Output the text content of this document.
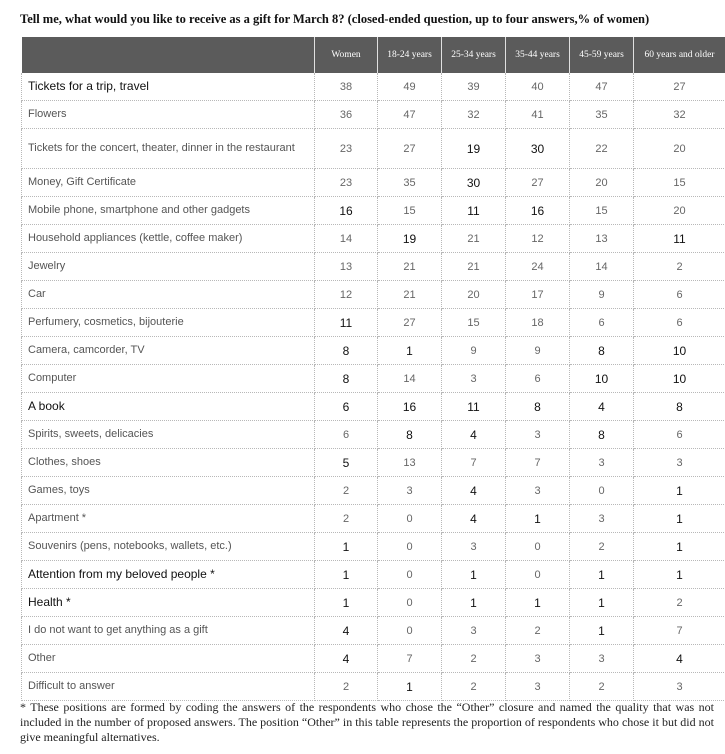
Tell me, what would you like to receive as a gift for March 8? (closed-ended question, up to four answers,% of women)
	Women	18-24 years	25-34 years	35-44 years	45-59 years	60 years and older
Tickets for a trip, travel	38	49	39	40	47	27
Flowers	36	47	32	41	35	32
Tickets for the concert, theater, dinner in the restaurant	23	27	19	30	22	20
Money, Gift Certificate	23	35	30	27	20	15
Mobile phone, smartphone and other gadgets	16	15	11	16	15	20
Household appliances (kettle, coffee maker)	14	19	21	12	13	11
Jewelry	13	21	21	24	14	2
Car	12	21	20	17	9	6
Perfumery, cosmetics, bijouterie	11	27	15	18	6	6
Camera, camcorder, TV	8	1	9	9	8	10
Computer	8	14	3	6	10	10
A book	6	16	11	8	4	8
Spirits, sweets, delicacies	6	8	4	3	8	6
Clothes, shoes	5	13	7	7	3	3
Games, toys	2	3	4	3	0	1
Apartment *	2	0	4	1	3	1
Souvenirs (pens, notebooks, wallets, etc.)	1	0	3	0	2	1
Attention from my beloved people *	1	0	1	0	1	1
Health *	1	0	1	1	1	2
I do not want to get anything as a gift	4	0	3	2	1	7
Other	4	7	2	3	3	4
Difficult to answer	2	1	2	3	2	3
* These positions are formed by coding the answers of the respondents who chose the “Other” closure and named the quality that was not included in the number of proposed answers. The position “Other” in this table represents the proportion of respondents who chose it but did not give meaningful alternatives.
